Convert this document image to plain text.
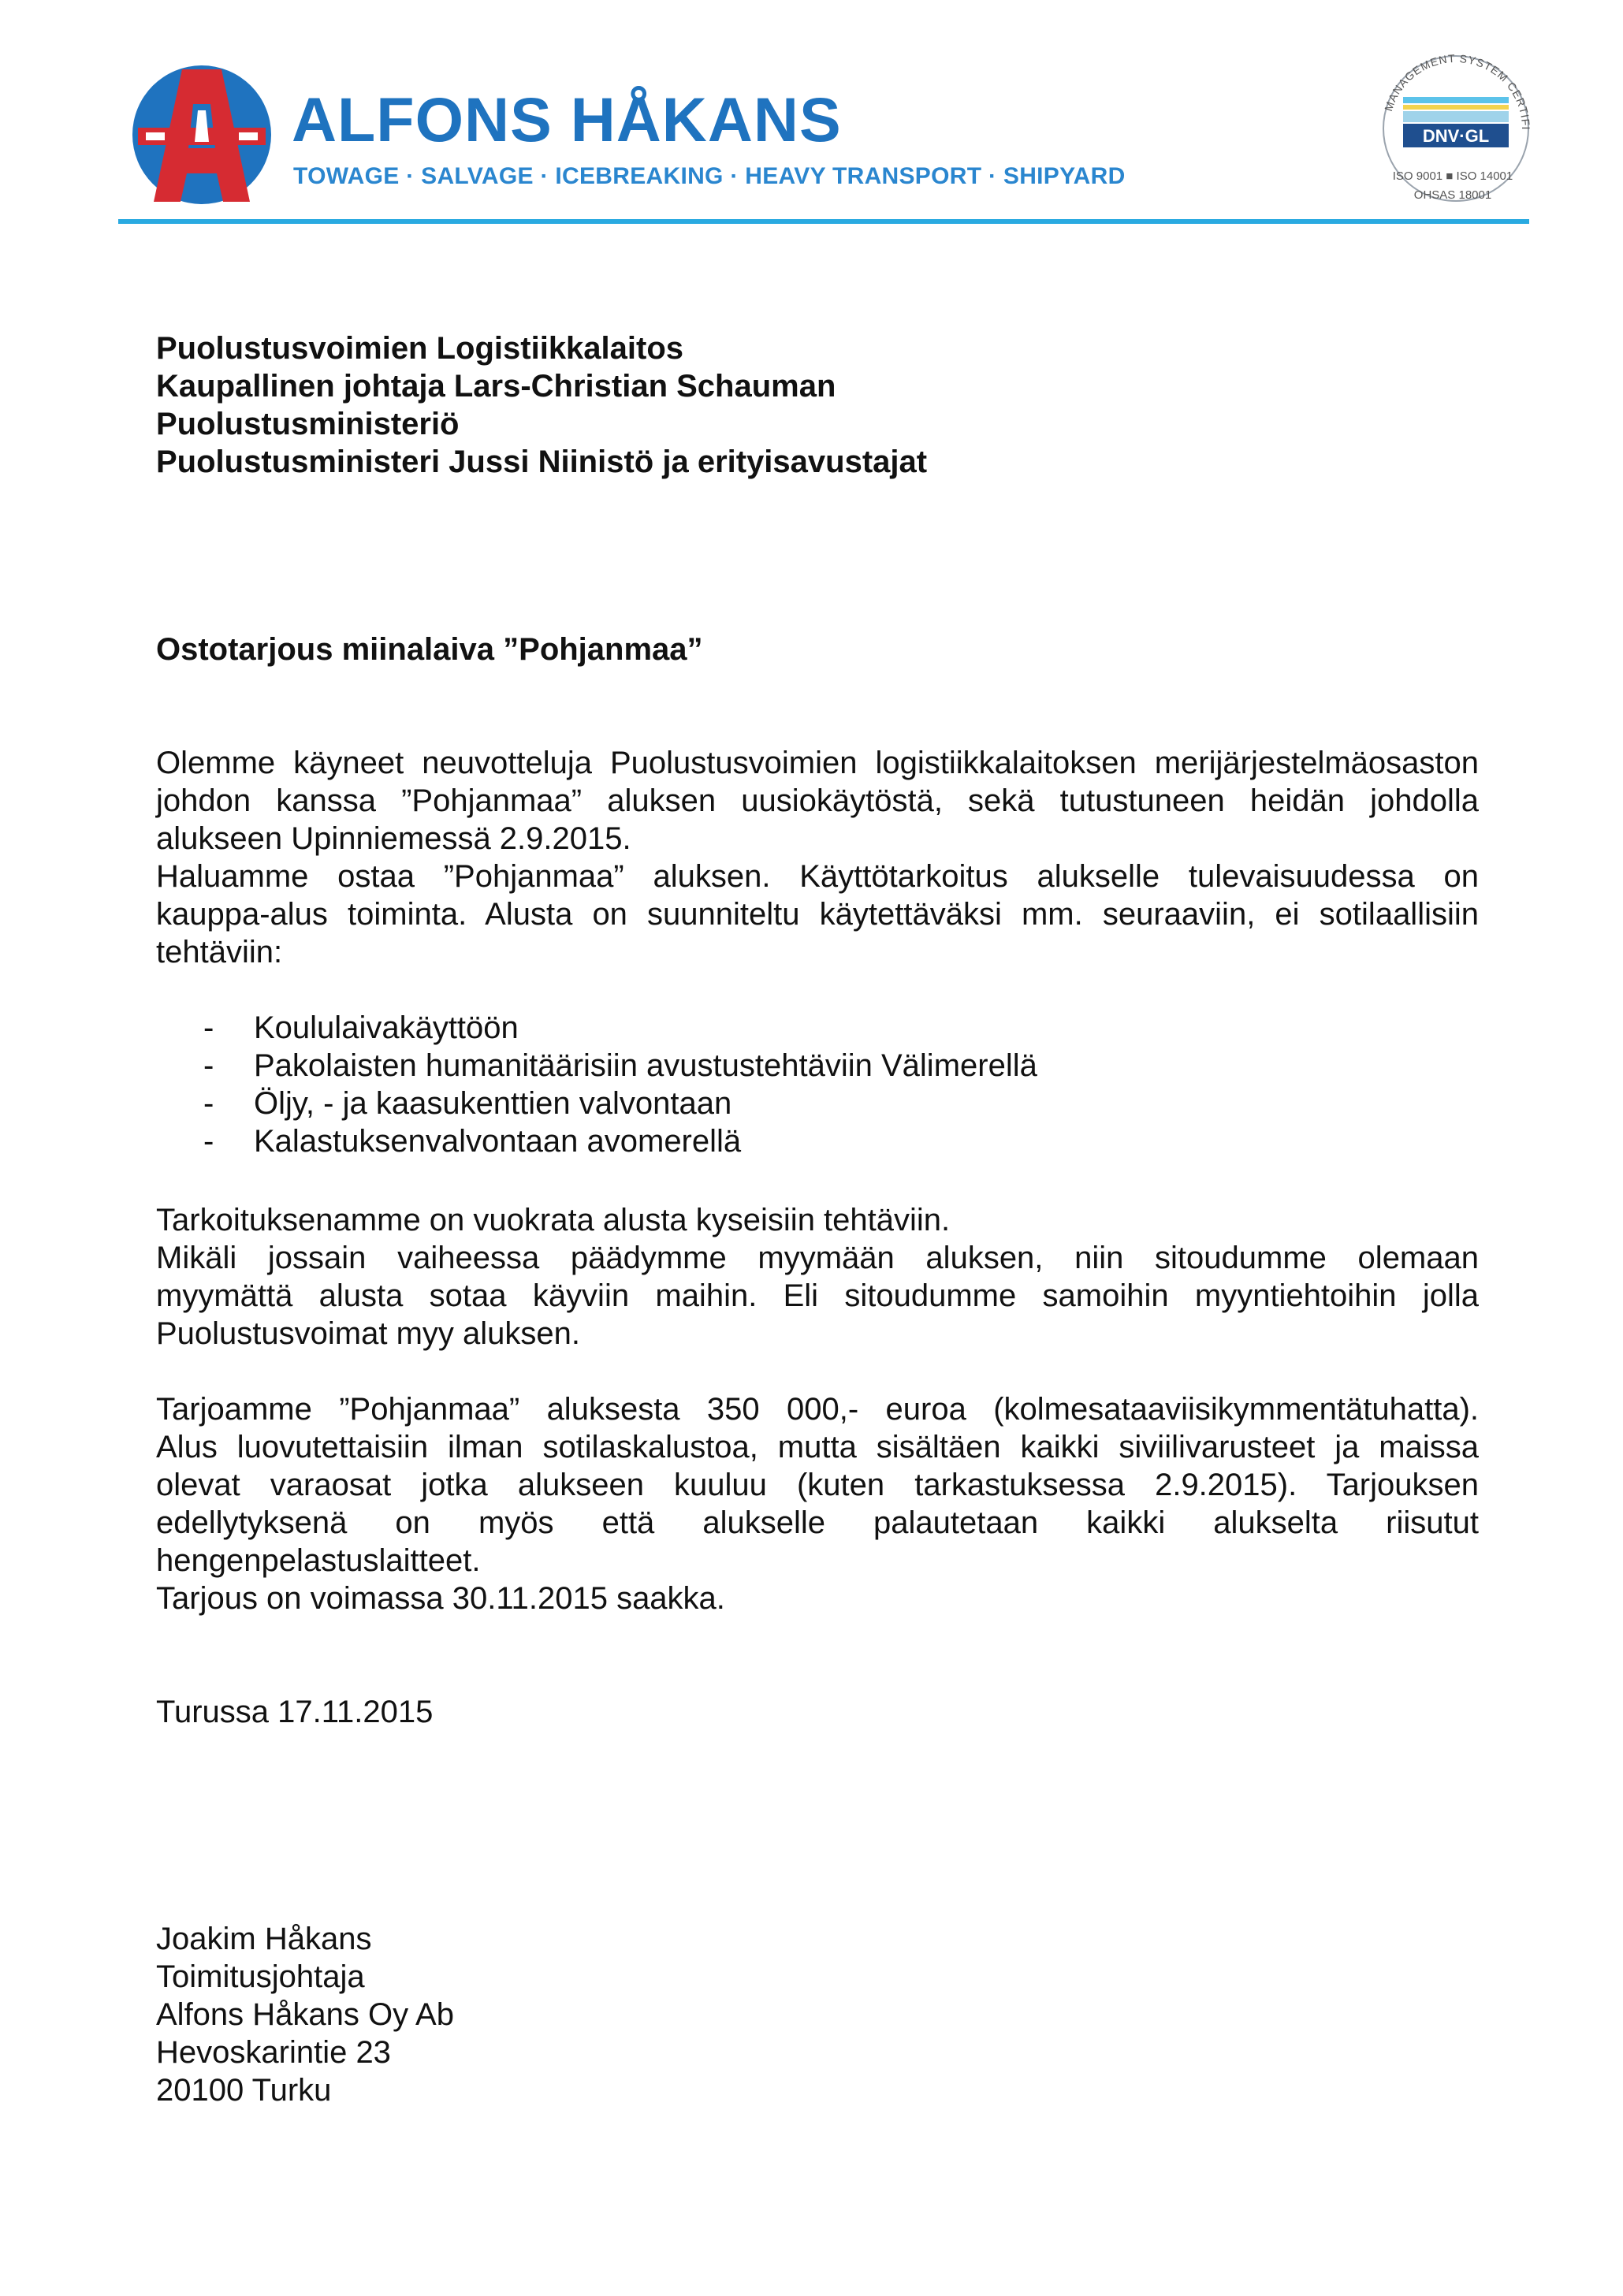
ALFONS HÅKANS
TOWAGE · SALVAGE · ICEBREAKING · HEAVY TRANSPORT · SHIPYARD
MANAGEMENT SYSTEM CERTIFI
DNV·GL
ISO 9001 ■ ISO 14001
OHSAS 18001
Puolustusvoimien Logistiikkalaitos
Kaupallinen johtaja Lars-Christian Schauman
Puolustusministeriö
Puolustusministeri Jussi Niinistö ja erityisavustajat
Ostotarjous miinalaiva ”Pohjanmaa”
Olemme käyneet neuvotteluja Puolustusvoimien logistiikkalaitoksen merijärjestelmäosaston
johdon kanssa ”Pohjanmaa” aluksen uusiokäytöstä, sekä tutustuneen heidän johdolla
alukseen Upinniemessä 2.9.2015.
Haluamme ostaa ”Pohjanmaa” aluksen. Käyttötarkoitus alukselle tulevaisuudessa on
kauppa-alus toiminta. Alusta on suunniteltu käytettäväksi mm. seuraaviin, ei sotilaallisiin
tehtäviin:
- Koululaivakäyttöön
- Pakolaisten humanitäärisiin avustustehtäviin Välimerellä
- Öljy, - ja kaasukenttien valvontaan
- Kalastuksenvalvontaan avomerellä
Tarkoituksenamme on vuokrata alusta kyseisiin tehtäviin.
Mikäli jossain vaiheessa päädymme myymään aluksen, niin sitoudumme olemaan
myymättä alusta sotaa käyviin maihin. Eli sitoudumme samoihin myyntiehtoihin jolla
Puolustusvoimat myy aluksen.
Tarjoamme ”Pohjanmaa” aluksesta 350 000,- euroa (kolmesataaviisikymmentätuhatta).
Alus luovutettaisiin ilman sotilaskalustoa, mutta sisältäen kaikki siviilivarusteet ja maissa
olevat varaosat jotka alukseen kuuluu (kuten tarkastuksessa 2.9.2015). Tarjouksen
edellytyksenä on myös että alukselle palautetaan kaikki alukselta riisutut
hengenpelastuslaitteet.
Tarjous on voimassa 30.11.2015 saakka.
Turussa 17.11.2015
Joakim Håkans
Toimitusjohtaja
Alfons Håkans Oy Ab
Hevoskarintie 23
20100 Turku
